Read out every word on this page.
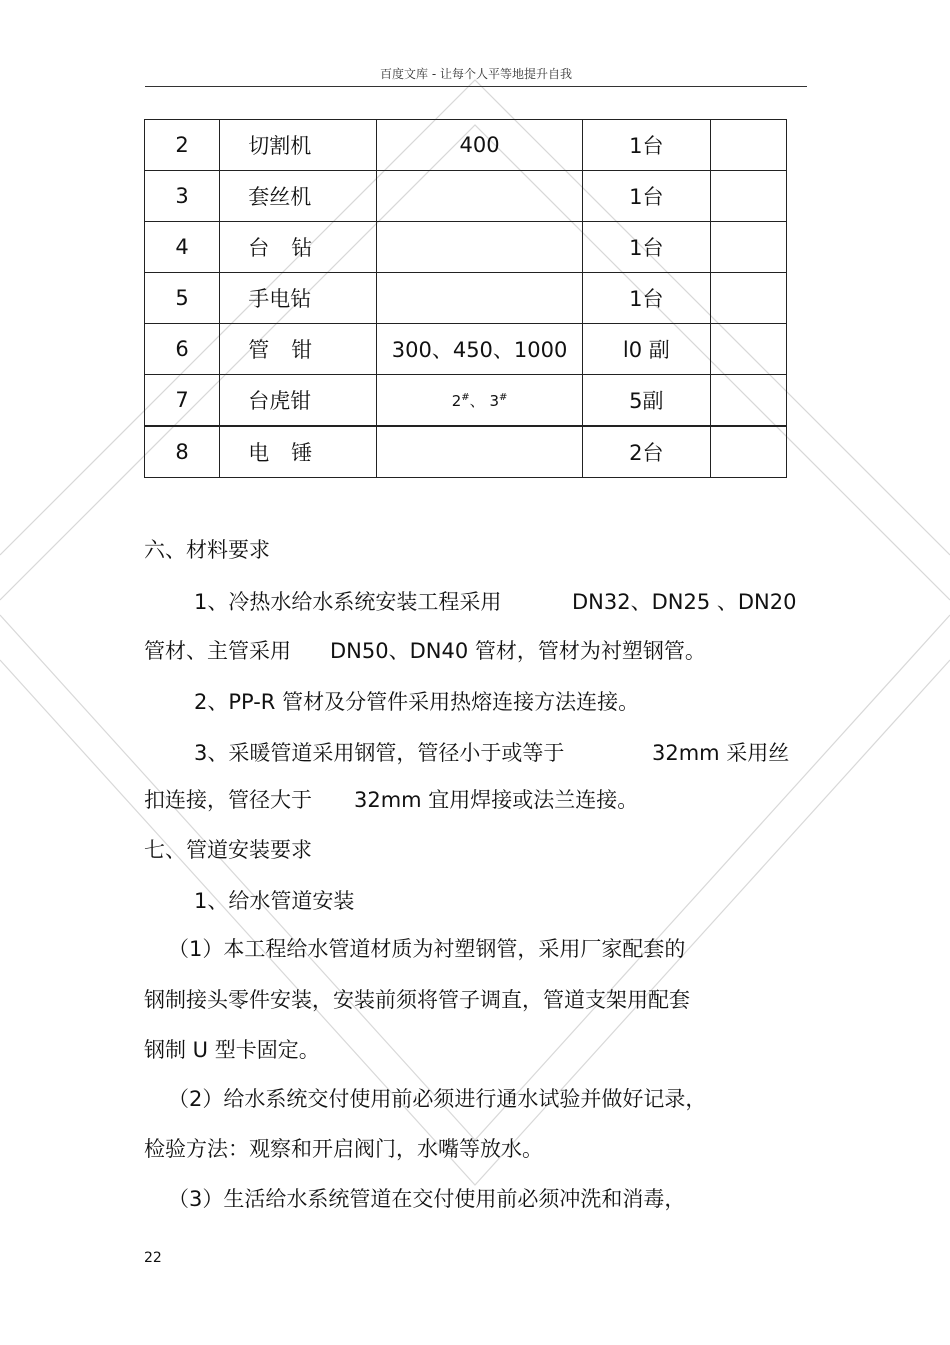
百度文库 - 让每个人平等地提升自我
2	切割机	400	1台	
3	套丝机		1台	
4	台钻		1台	
5	手电钻		1台	
6	管钳	300、450、1000	l0 副	
7	台虎钳	2#、 3#	5副	
8	电锤		2台	
六、材料要求
1、冷热水给水系统安装工程采用	DN32、DN25 、DN20
管材、主管采用 DN50、DN40 管材，管材为衬塑钢管。
2、PP-R 管材及分管件采用热熔连接方法连接。
3、采暖管道采用钢管，管径小于或等于	32mm 采用丝
扣连接，管径大于 32mm 宜用焊接或法兰连接。
七、管道安装要求
1、给水管道安装
（1）本工程给水管道材质为衬塑钢管，采用厂家配套的
钢制接头零件安装，安装前须将管子调直，管道支架用配套
钢制 U 型卡固定。
（2）给水系统交付使用前必须进行通水试验并做好记录，
检验方法：观察和开启阀门，水嘴等放水。
（3）生活给水系统管道在交付使用前必须冲洗和消毒，
22
